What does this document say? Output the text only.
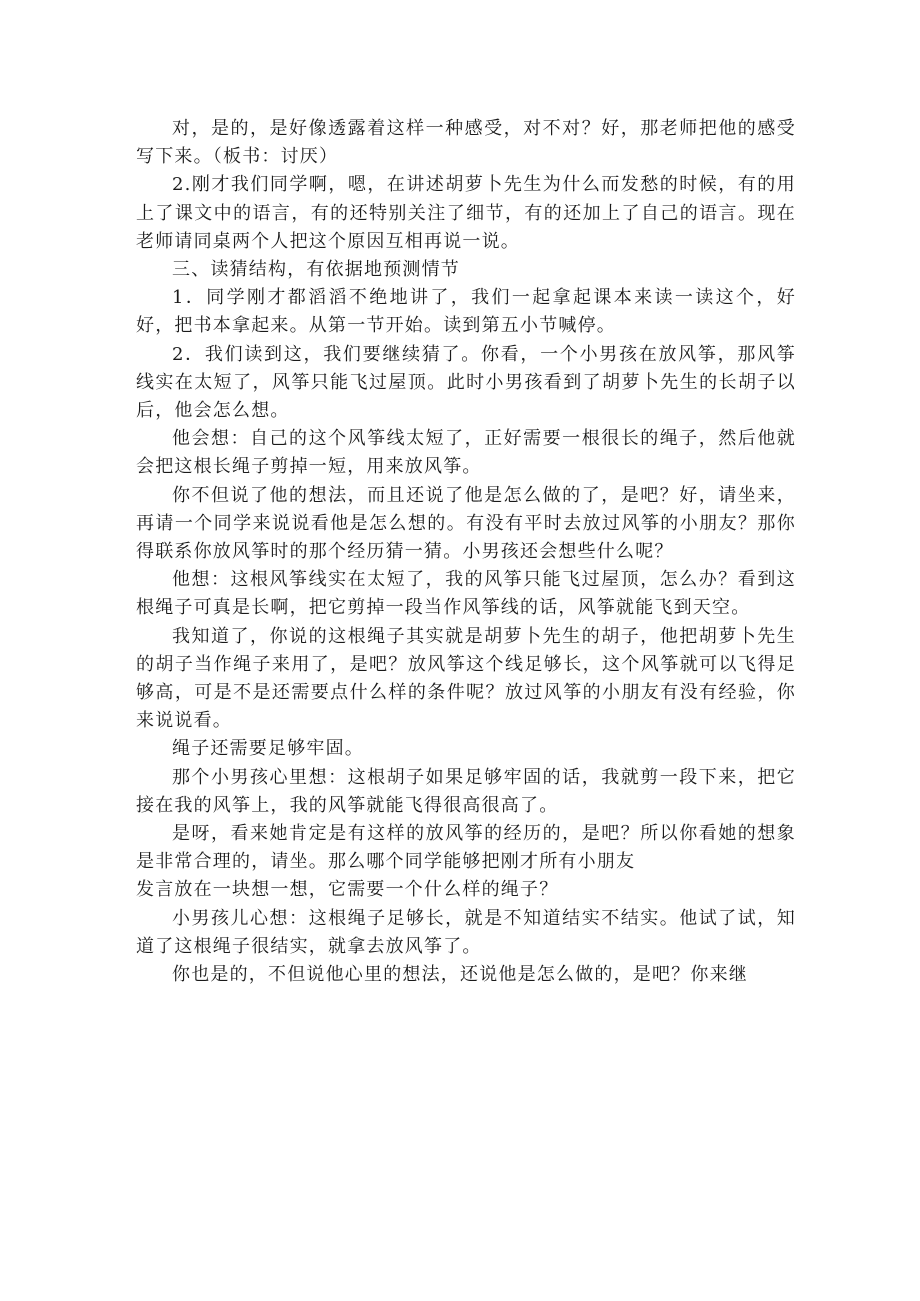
对，是的，是好像透露着这样一种感受，对不对？好，那老师把他的感受写下来。（板书：讨厌）

2.刚才我们同学啊，嗯，在讲述胡萝卜先生为什么而发愁的时候，有的用上了课文中的语言，有的还特别关注了细节，有的还加上了自己的语言。现在老师请同桌两个人把这个原因互相再说一说。

三、读猜结构，有依据地预测情节

1．同学刚才都滔滔不绝地讲了，我们一起拿起课本来读一读这个，好好，把书本拿起来。从第一节开始。读到第五小节喊停。

2．我们读到这，我们要继续猜了。你看，一个小男孩在放风筝，那风筝线实在太短了，风筝只能飞过屋顶。此时小男孩看到了胡萝卜先生的长胡子以后，他会怎么想。

他会想：自己的这个风筝线太短了，正好需要一根很长的绳子，然后他就会把这根长绳子剪掉一短，用来放风筝。

你不但说了他的想法，而且还说了他是怎么做的了，是吧？好，请坐来，再请一个同学来说说看他是怎么想的。有没有平时去放过风筝的小朋友？那你得联系你放风筝时的那个经历猜一猜。小男孩还会想些什么呢？

他想：这根风筝线实在太短了，我的风筝只能飞过屋顶，怎么办？看到这根绳子可真是长啊，把它剪掉一段当作风筝线的话，风筝就能飞到天空。

我知道了，你说的这根绳子其实就是胡萝卜先生的胡子，他把胡萝卜先生的胡子当作绳子来用了，是吧？放风筝这个线足够长，这个风筝就可以飞得足够高，可是不是还需要点什么样的条件呢？放过风筝的小朋友有没有经验，你来说说看。

绳子还需要足够牢固。

那个小男孩心里想：这根胡子如果足够牢固的话，我就剪一段下来，把它接在我的风筝上，我的风筝就能飞得很高很高了。

是呀，看来她肯定是有这样的放风筝的经历的，是吧？所以你看她的想象是非常合理的，请坐。那么哪个同学能够把刚才所有小朋友

发言放在一块想一想，它需要一个什么样的绳子？

小男孩儿心想：这根绳子足够长，就是不知道结实不结实。他试了试，知道了这根绳子很结实，就拿去放风筝了。

你也是的，不但说他心里的想法，还说他是怎么做的，是吧？你来继
